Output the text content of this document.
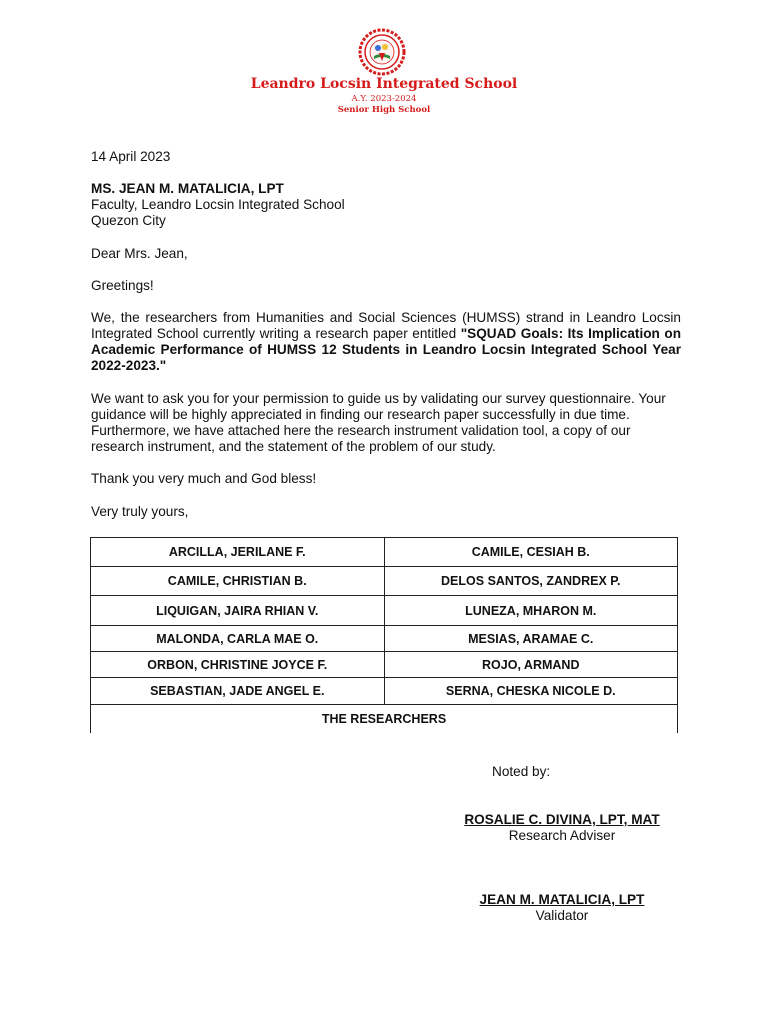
Leandro Locsin Integrated School
A.Y. 2023-2024
Senior High School
14 April 2023
MS. JEAN M. MATALICIA, LPT
Faculty, Leandro Locsin Integrated School
Quezon City
Dear Mrs. Jean,
Greetings!
We, the researchers from Humanities and Social Sciences (HUMSS) strand in Leandro Locsin Integrated School currently writing a research paper entitled "SQUAD Goals: Its Implication on Academic Performance of HUMSS 12 Students in Leandro Locsin Integrated School Year 2022-2023."
We want to ask you for your permission to guide us by validating our survey questionnaire. Your guidance will be highly appreciated in finding our research paper successfully in due time. Furthermore, we have attached here the research instrument validation tool, a copy of our research instrument, and the statement of the problem of our study.
Thank you very much and God bless!
Very truly yours,
ARCILLA, JERILANE F.	CAMILE, CESIAH B.
CAMILE, CHRISTIAN B.	DELOS SANTOS, ZANDREX P.
LIQUIGAN, JAIRA RHIAN V.	LUNEZA, MHARON M.
MALONDA, CARLA MAE O.	MESIAS, ARAMAE C.
ORBON, CHRISTINE JOYCE F.	ROJO, ARMAND
SEBASTIAN, JADE ANGEL E.	SERNA, CHESKA NICOLE D.
THE RESEARCHERS	
Noted by:
ROSALIE C. DIVINA, LPT, MAT
Research Adviser
JEAN M. MATALICIA, LPT
Validator
